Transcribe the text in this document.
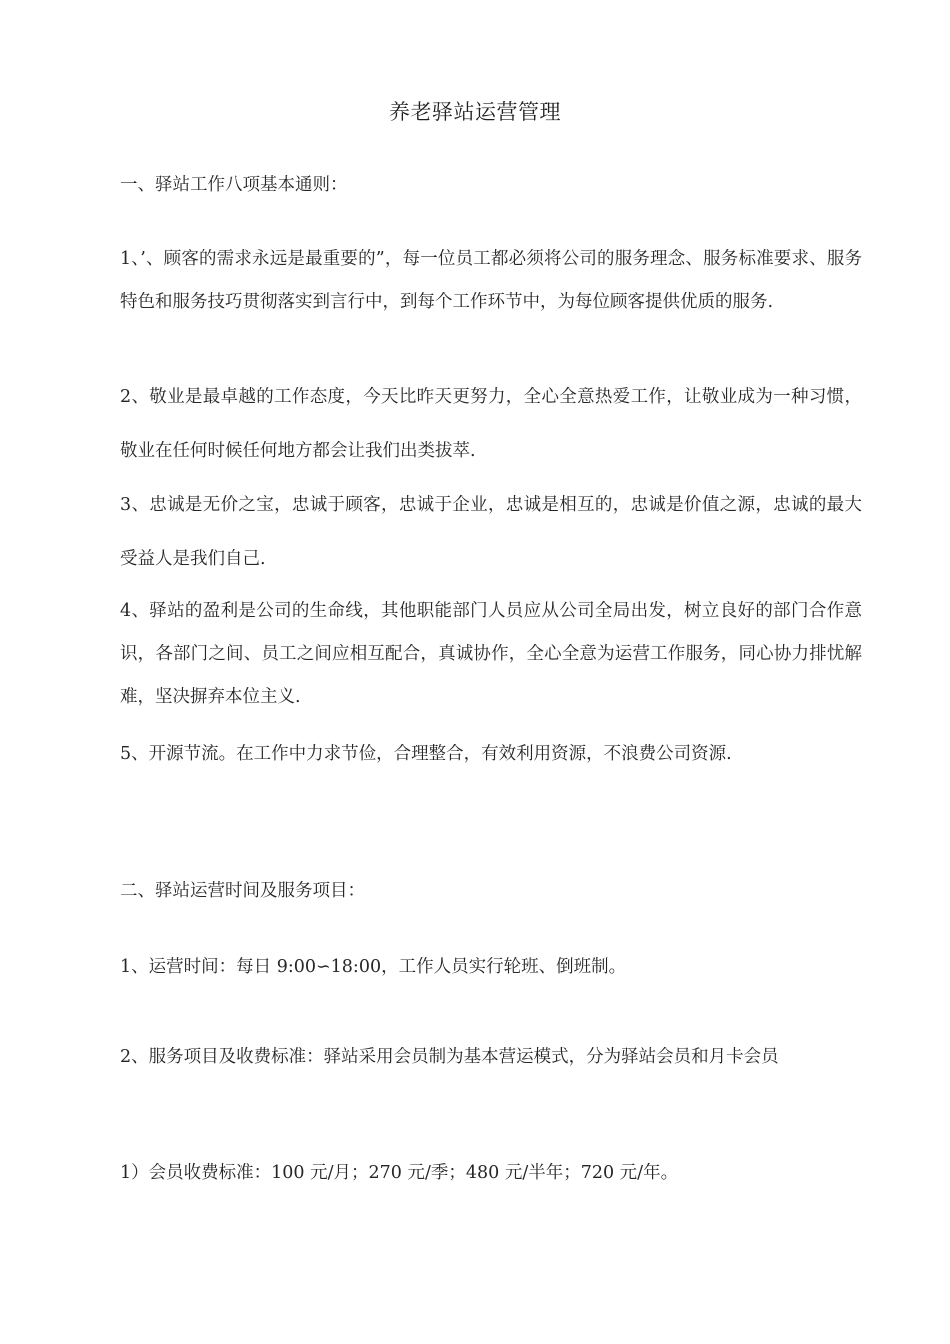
养老驿站运营管理

一、驿站工作八项基本通则：

1、’、顾客的需求永远是最重要的”，每一位员工都必须将公司的服务理念、服务标准要求、服务特色和服务技巧贯彻落实到言行中，到每个工作环节中，为每位顾客提供优质的服务.

2、敬业是最卓越的工作态度，今天比昨天更努力，全心全意热爱工作，让敬业成为一种习惯，敬业在任何时候任何地方都会让我们出类拔萃.

3、忠诚是无价之宝，忠诚于顾客，忠诚于企业，忠诚是相互的，忠诚是价值之源，忠诚的最大受益人是我们自己.

4、驿站的盈利是公司的生命线，其他职能部门人员应从公司全局出发，树立良好的部门合作意识，各部门之间、员工之间应相互配合，真诚协作，全心全意为运营工作服务，同心协力排忧解难，坚决摒弃本位主义.

5、开源节流。在工作中力求节俭，合理整合，有效利用资源，不浪费公司资源.

二、驿站运营时间及服务项目：

1、运营时间：每日 9:00∽18:00，工作人员实行轮班、倒班制。

2、服务项目及收费标准：驿站采用会员制为基本营运模式，分为驿站会员和月卡会员

1）会员收费标准：100 元/月；270 元/季；480 元/半年；720 元/年。
